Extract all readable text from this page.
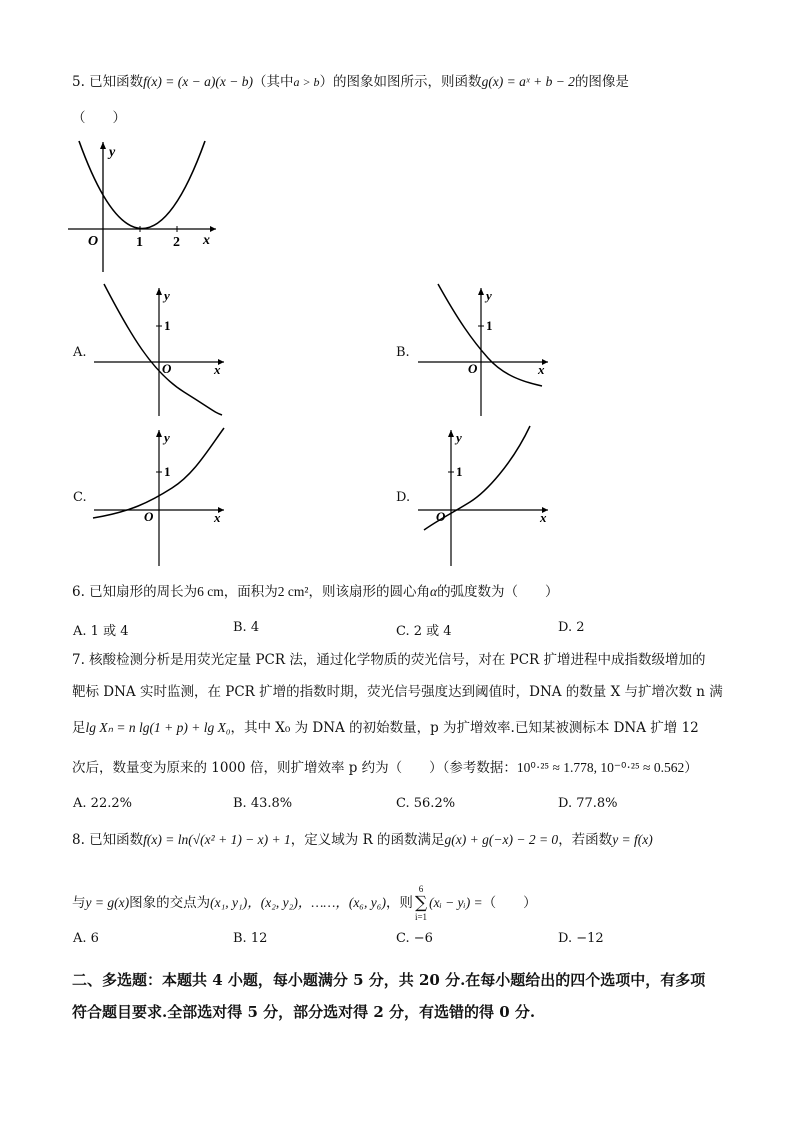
5. 已知函数f(x) = (x − a)(x − b)（其中a > b）的图象如图所示，则函数g(x) = aˣ + b − 2的图像是
（　　）
O	1 2 x
y
A.
1
O	x
y
B.
1
O	x
y
C.
1
O	x
y
D.
1
O	x
y
6. 已知扇形的周长为6 cm，面积为2 cm²，则该扇形的圆心角α的弧度数为（　　）
A. 1 或 4	B. 4	C. 2 或 4	D. 2
7. 核酸检测分析是用荧光定量 PCR 法，通过化学物质的荧光信号，对在 PCR 扩增进程中成指数级增加的
靶标 DNA 实时监测，在 PCR 扩增的指数时期，荧光信号强度达到阈值时，DNA 的数量 X 与扩增次数 n 满
足lg Xₙ = n lg(1 + p) + lg X₀，其中 X₀ 为 DNA 的初始数量，p 为扩增效率.已知某被测标本 DNA 扩增 12
次后，数量变为原来的 1000 倍，则扩增效率 p 约为（　　）（参考数据：10⁰·²⁵ ≈ 1.778, 10⁻⁰·²⁵ ≈ 0.562）
A. 22.2%	B. 43.8%	C. 56.2%	D. 77.8%
8. 已知函数f(x) = ln(√(x² + 1) − x) + 1，定义域为 R 的函数满足g(x) + g(−x) − 2 = 0，若函数y = f(x)
与y = g(x)图象的交点为(x₁, y₁)，(x₂, y₂)，……，(x₆, y₆)，则
6
∑
i=1
(xᵢ − yᵢ) =（　　）
A. 6	B. 12	C. −6	D. −12
二、多选题：本题共 4 小题，每小题满分 5 分，共 20 分.在每小题给出的四个选项中，有多项
符合题目要求.全部选对得 5 分，部分选对得 2 分，有选错的得 0 分.
